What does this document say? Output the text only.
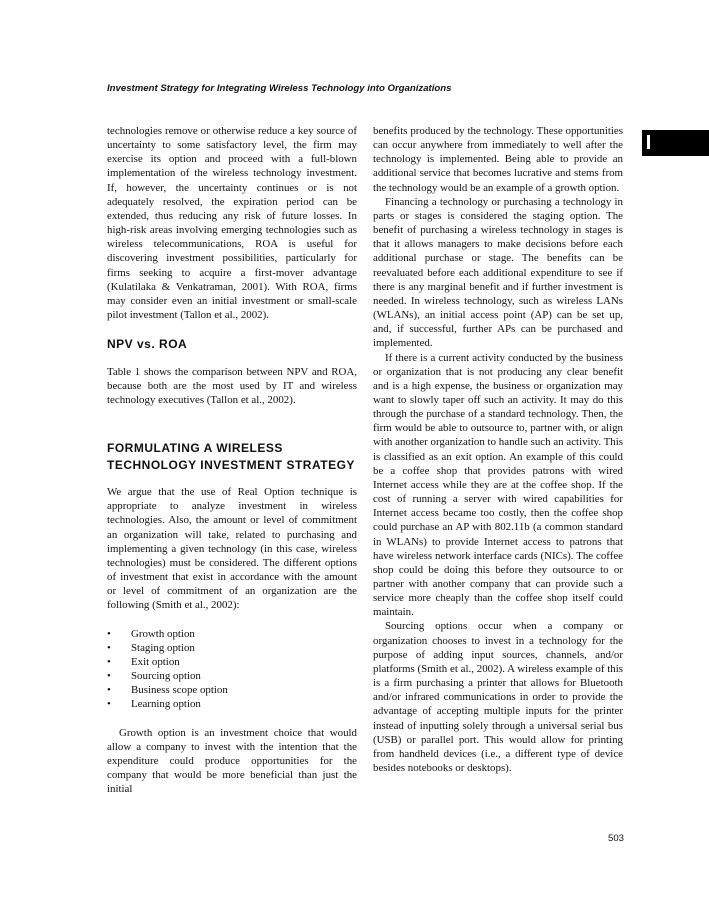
Investment Strategy for Integrating Wireless Technology into Organizations

technologies remove or otherwise reduce a key source of uncertainty to some satisfactory level, the firm may exercise its option and proceed with a full-blown implementation of the wireless technology investment. If, however, the uncertainty continues or is not adequately resolved, the expiration period can be extended, thus reducing any risk of future losses. In high-risk areas involving emerging technologies such as wireless telecommunications, ROA is useful for discovering investment possibilities, particularly for firms seeking to acquire a first-mover advantage (Kulatilaka & Venkatraman, 2001). With ROA, firms may consider even an initial investment or small-scale pilot investment (Tallon et al., 2002).

NPV vs. ROA

Table 1 shows the comparison between NPV and ROA, because both are the most used by IT and wireless technology executives (Tallon et al., 2002).

FORMULATING A WIRELESS TECHNOLOGY INVESTMENT STRATEGY

We argue that the use of Real Option technique is appropriate to analyze investment in wireless technologies. Also, the amount or level of commitment an organization will take, related to purchasing and implementing a given technology (in this case, wireless technologies) must be considered. The different options of investment that exist in accordance with the amount or level of commitment of an organization are the following (Smith et al., 2002):

• Growth option
• Staging option
• Exit option
• Sourcing option
• Business scope option
• Learning option

Growth option is an investment choice that would allow a company to invest with the intention that the expenditure could produce opportunities for the company that would be more beneficial than just the initial

benefits produced by the technology. These opportunities can occur anywhere from immediately to well after the technology is implemented. Being able to provide an additional service that becomes lucrative and stems from the technology would be an example of a growth option.

Financing a technology or purchasing a technology in parts or stages is considered the staging option. The benefit of purchasing a wireless technology in stages is that it allows managers to make decisions before each additional purchase or stage. The benefits can be reevaluated before each additional expenditure to see if there is any marginal benefit and if further investment is needed. In wireless technology, such as wireless LANs (WLANs), an initial access point (AP) can be set up, and, if successful, further APs can be purchased and implemented.

If there is a current activity conducted by the business or organization that is not producing any clear benefit and is a high expense, the business or organization may want to slowly taper off such an activity. It may do this through the purchase of a standard technology. Then, the firm would be able to outsource to, partner with, or align with another organization to handle such an activity. This is classified as an exit option. An example of this could be a coffee shop that provides patrons with wired Internet access while they are at the coffee shop. If the cost of running a server with wired capabilities for Internet access became too costly, then the coffee shop could purchase an AP with 802.11b (a common standard in WLANs) to provide Internet access to patrons that have wireless network interface cards (NICs). The coffee shop could be doing this before they outsource to or partner with another company that can provide such a service more cheaply than the coffee shop itself could maintain.

Sourcing options occur when a company or organization chooses to invest in a technology for the purpose of adding input sources, channels, and/or platforms (Smith et al., 2002). A wireless example of this is a firm purchasing a printer that allows for Bluetooth and/or infrared communications in order to provide the advantage of accepting multiple inputs for the printer instead of inputting solely through a universal serial bus (USB) or parallel port. This would allow for printing from handheld devices (i.e., a different type of device besides notebooks or desktops).

503
